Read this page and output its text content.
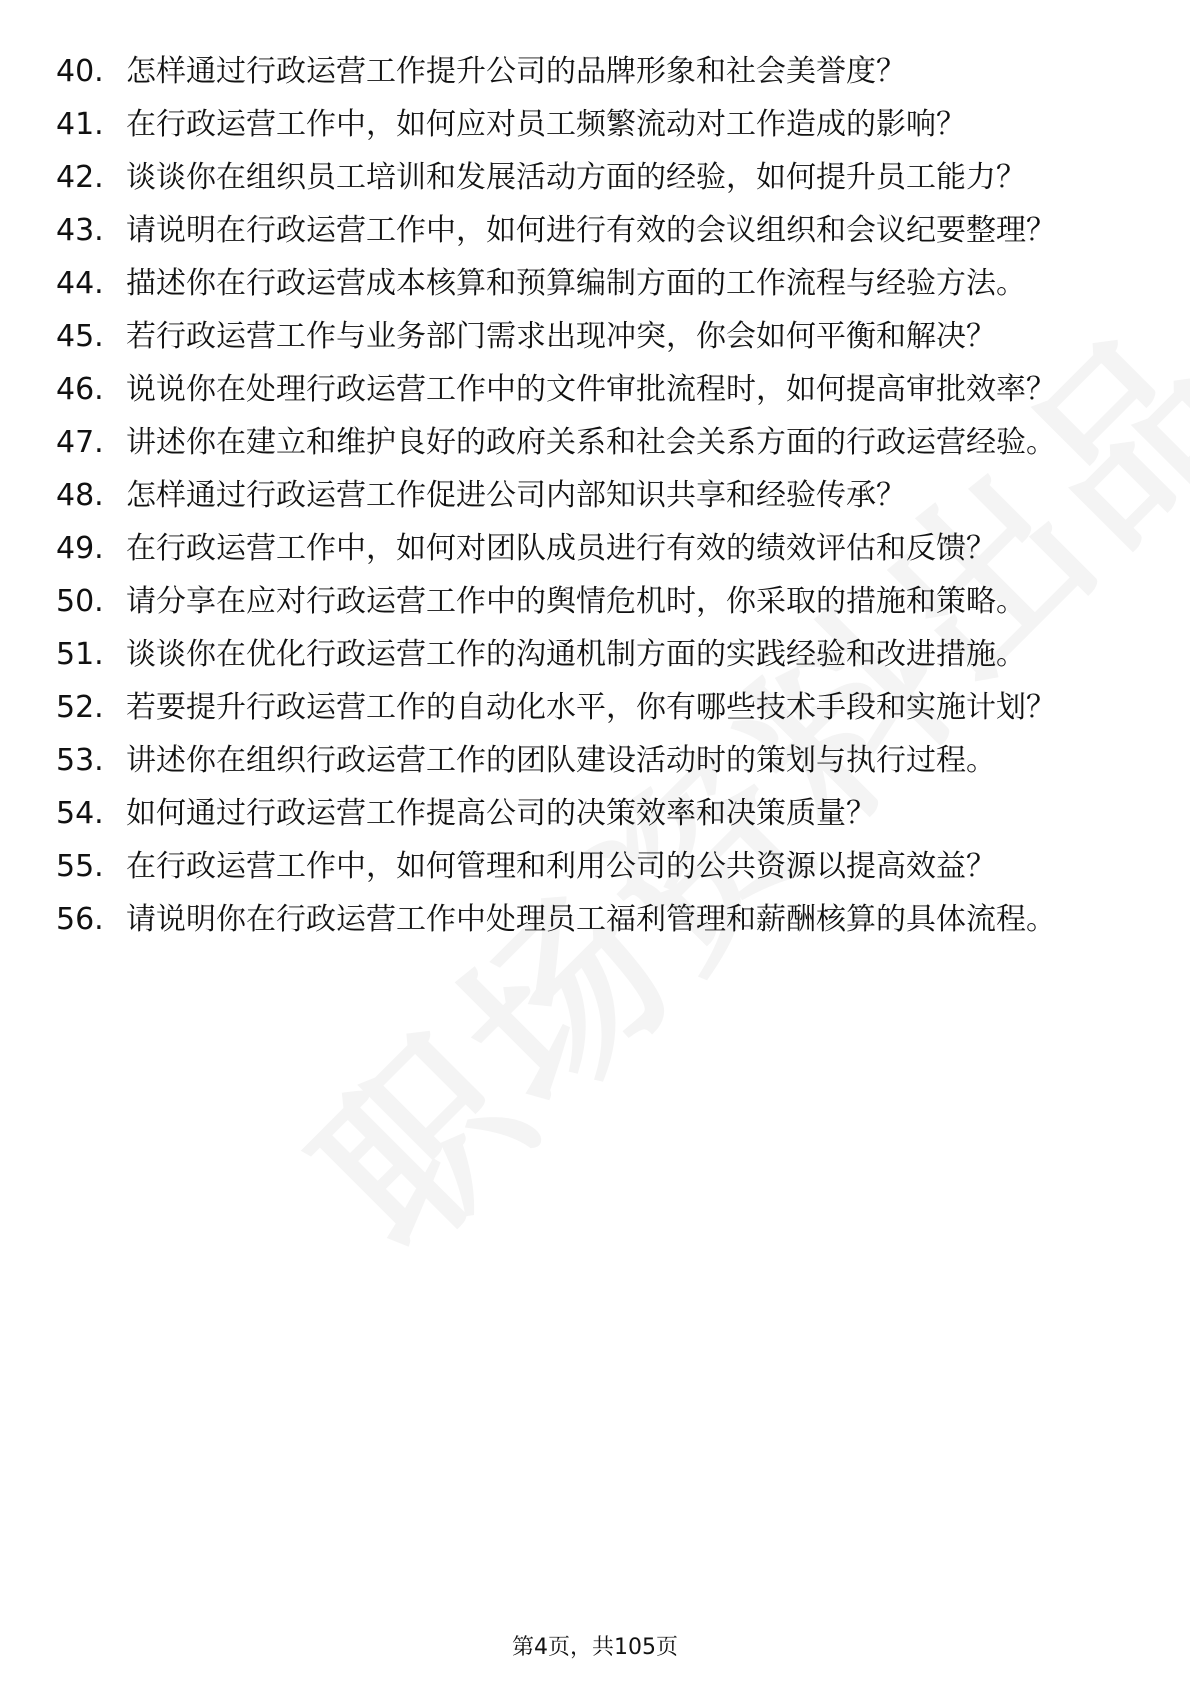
40. 怎样通过行政运营工作提升公司的品牌形象和社会美誉度？
41. 在行政运营工作中，如何应对员工频繁流动对工作造成的影响？
42. 谈谈你在组织员工培训和发展活动方面的经验，如何提升员工能力？
43. 请说明在行政运营工作中，如何进行有效的会议组织和会议纪要整理？
44. 描述你在行政运营成本核算和预算编制方面的工作流程与经验方法。
45. 若行政运营工作与业务部门需求出现冲突，你会如何平衡和解决？
46. 说说你在处理行政运营工作中的文件审批流程时，如何提高审批效率？
47. 讲述你在建立和维护良好的政府关系和社会关系方面的行政运营经验。
48. 怎样通过行政运营工作促进公司内部知识共享和经验传承？
49. 在行政运营工作中，如何对团队成员进行有效的绩效评估和反馈？
50. 请分享在应对行政运营工作中的舆情危机时，你采取的措施和策略。
51. 谈谈你在优化行政运营工作的沟通机制方面的实践经验和改进措施。
52. 若要提升行政运营工作的自动化水平，你有哪些技术手段和实施计划？
53. 讲述你在组织行政运营工作的团队建设活动时的策划与执行过程。
54. 如何通过行政运营工作提高公司的决策效率和决策质量？
55. 在行政运营工作中，如何管理和利用公司的公共资源以提高效益？
56. 请说明你在行政运营工作中处理员工福利管理和薪酬核算的具体流程。
第4页，共105页
